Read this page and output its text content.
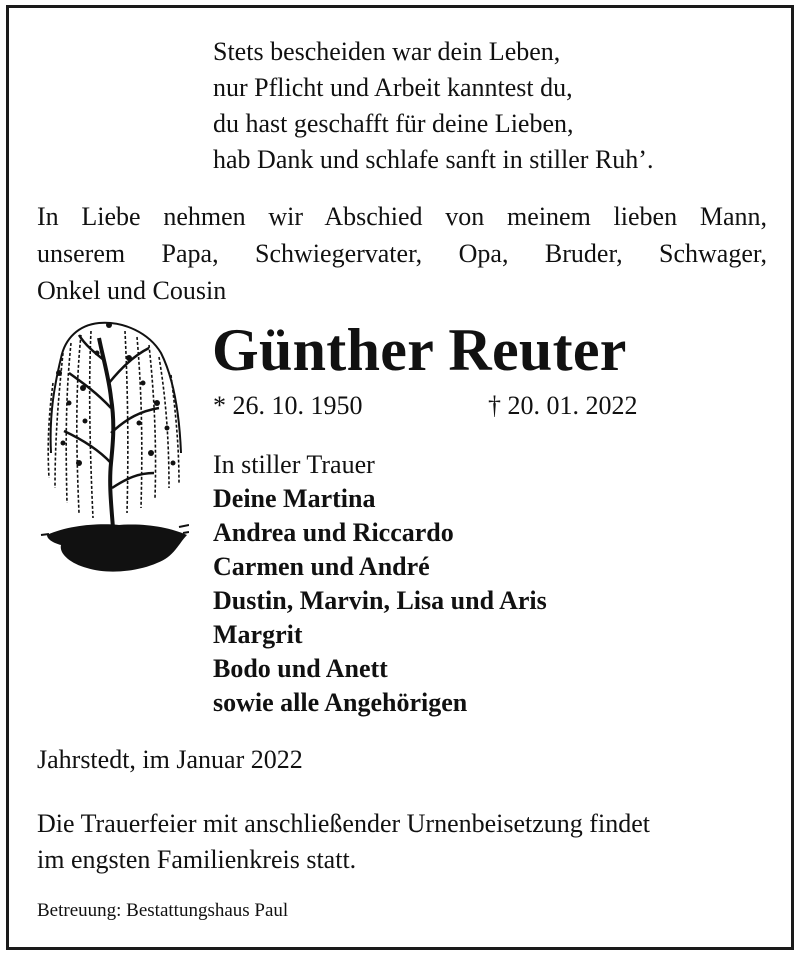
Stets bescheiden war dein Leben,
nur Pflicht und Arbeit kanntest du,
du hast geschafft für deine Lieben,
hab Dank und schlafe sanft in stiller Ruh’.
In Liebe nehmen wir Abschied von meinem lieben Mann,
unserem Papa, Schwiegervater, Opa, Bruder, Schwager,
Onkel und Cousin
Günther Reuter
* 26. 10. 1950	† 20. 01. 2022
In stiller Trauer
Deine Martina
Andrea und Riccardo
Carmen und André
Dustin, Marvin, Lisa und Aris
Margrit
Bodo und Anett
sowie alle Angehörigen
Jahrstedt, im Januar 2022
Die Trauerfeier mit anschließender Urnenbeisetzung findet
im engsten Familienkreis statt.
Betreuung: Bestattungshaus Paul
